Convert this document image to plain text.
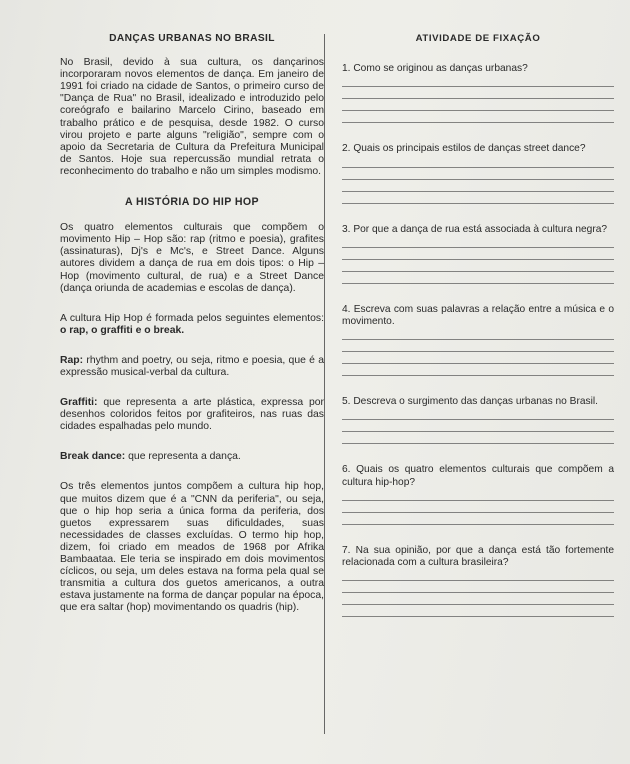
DANÇAS URBANAS NO BRASIL

No Brasil, devido à sua cultura, os dançarinos incorporaram novos elementos de dança. Em janeiro de 1991 foi criado na cidade de Santos, o primeiro curso de "Dança de Rua" no Brasil, idealizado e introduzido pelo coreógrafo e bailarino Marcelo Cirino, baseado em trabalho prático e de pesquisa, desde 1982. O curso virou projeto e parte alguns "religião", sempre com o apoio da Secretaria de Cultura da Prefeitura Municipal de Santos. Hoje sua repercussão mundial retrata o reconhecimento do trabalho e não um simples modismo.

A HISTÓRIA DO HIP HOP

Os quatro elementos culturais que compõem o movimento Hip – Hop são: rap (ritmo e poesia), grafites (assinaturas), Dj's e Mc's, e Street Dance. Alguns autores dividem a dança de rua em dois tipos: o Hip – Hop (movimento cultural, de rua) e a Street Dance (dança oriunda de academias e escolas de dança).

A cultura Hip Hop é formada pelos seguintes elementos: o rap, o graffiti e o break.

Rap: rhythm and poetry, ou seja, ritmo e poesia, que é a expressão musical-verbal da cultura.

Graffiti: que representa a arte plástica, expressa por desenhos coloridos feitos por grafiteiros, nas ruas das cidades espalhadas pelo mundo.

Break dance: que representa a dança.

Os três elementos juntos compõem a cultura hip hop, que muitos dizem que é a "CNN da periferia", ou seja, que o hip hop seria a única forma da periferia, dos guetos expressarem suas dificuldades, suas necessidades de classes excluídas. O termo hip hop, dizem, foi criado em meados de 1968 por Afrika Bambaataa. Ele teria se inspirado em dois movimentos cíclicos, ou seja, um deles estava na forma pela qual se transmitia a cultura dos guetos americanos, a outra estava justamente na forma de dançar popular na época, que era saltar (hop) movimentando os quadris (hip).

ATIVIDADE DE FIXAÇÃO

1. Como se originou as danças urbanas?

2. Quais os principais estilos de danças street dance?

3. Por que a dança de rua está associada à cultura negra?

4. Escreva com suas palavras a relação entre a música e o movimento.

5. Descreva o surgimento das danças urbanas no Brasil.

6. Quais os quatro elementos culturais que compõem a cultura hip-hop?

7. Na sua opinião, por que a dança está tão fortemente relacionada com a cultura brasileira?
